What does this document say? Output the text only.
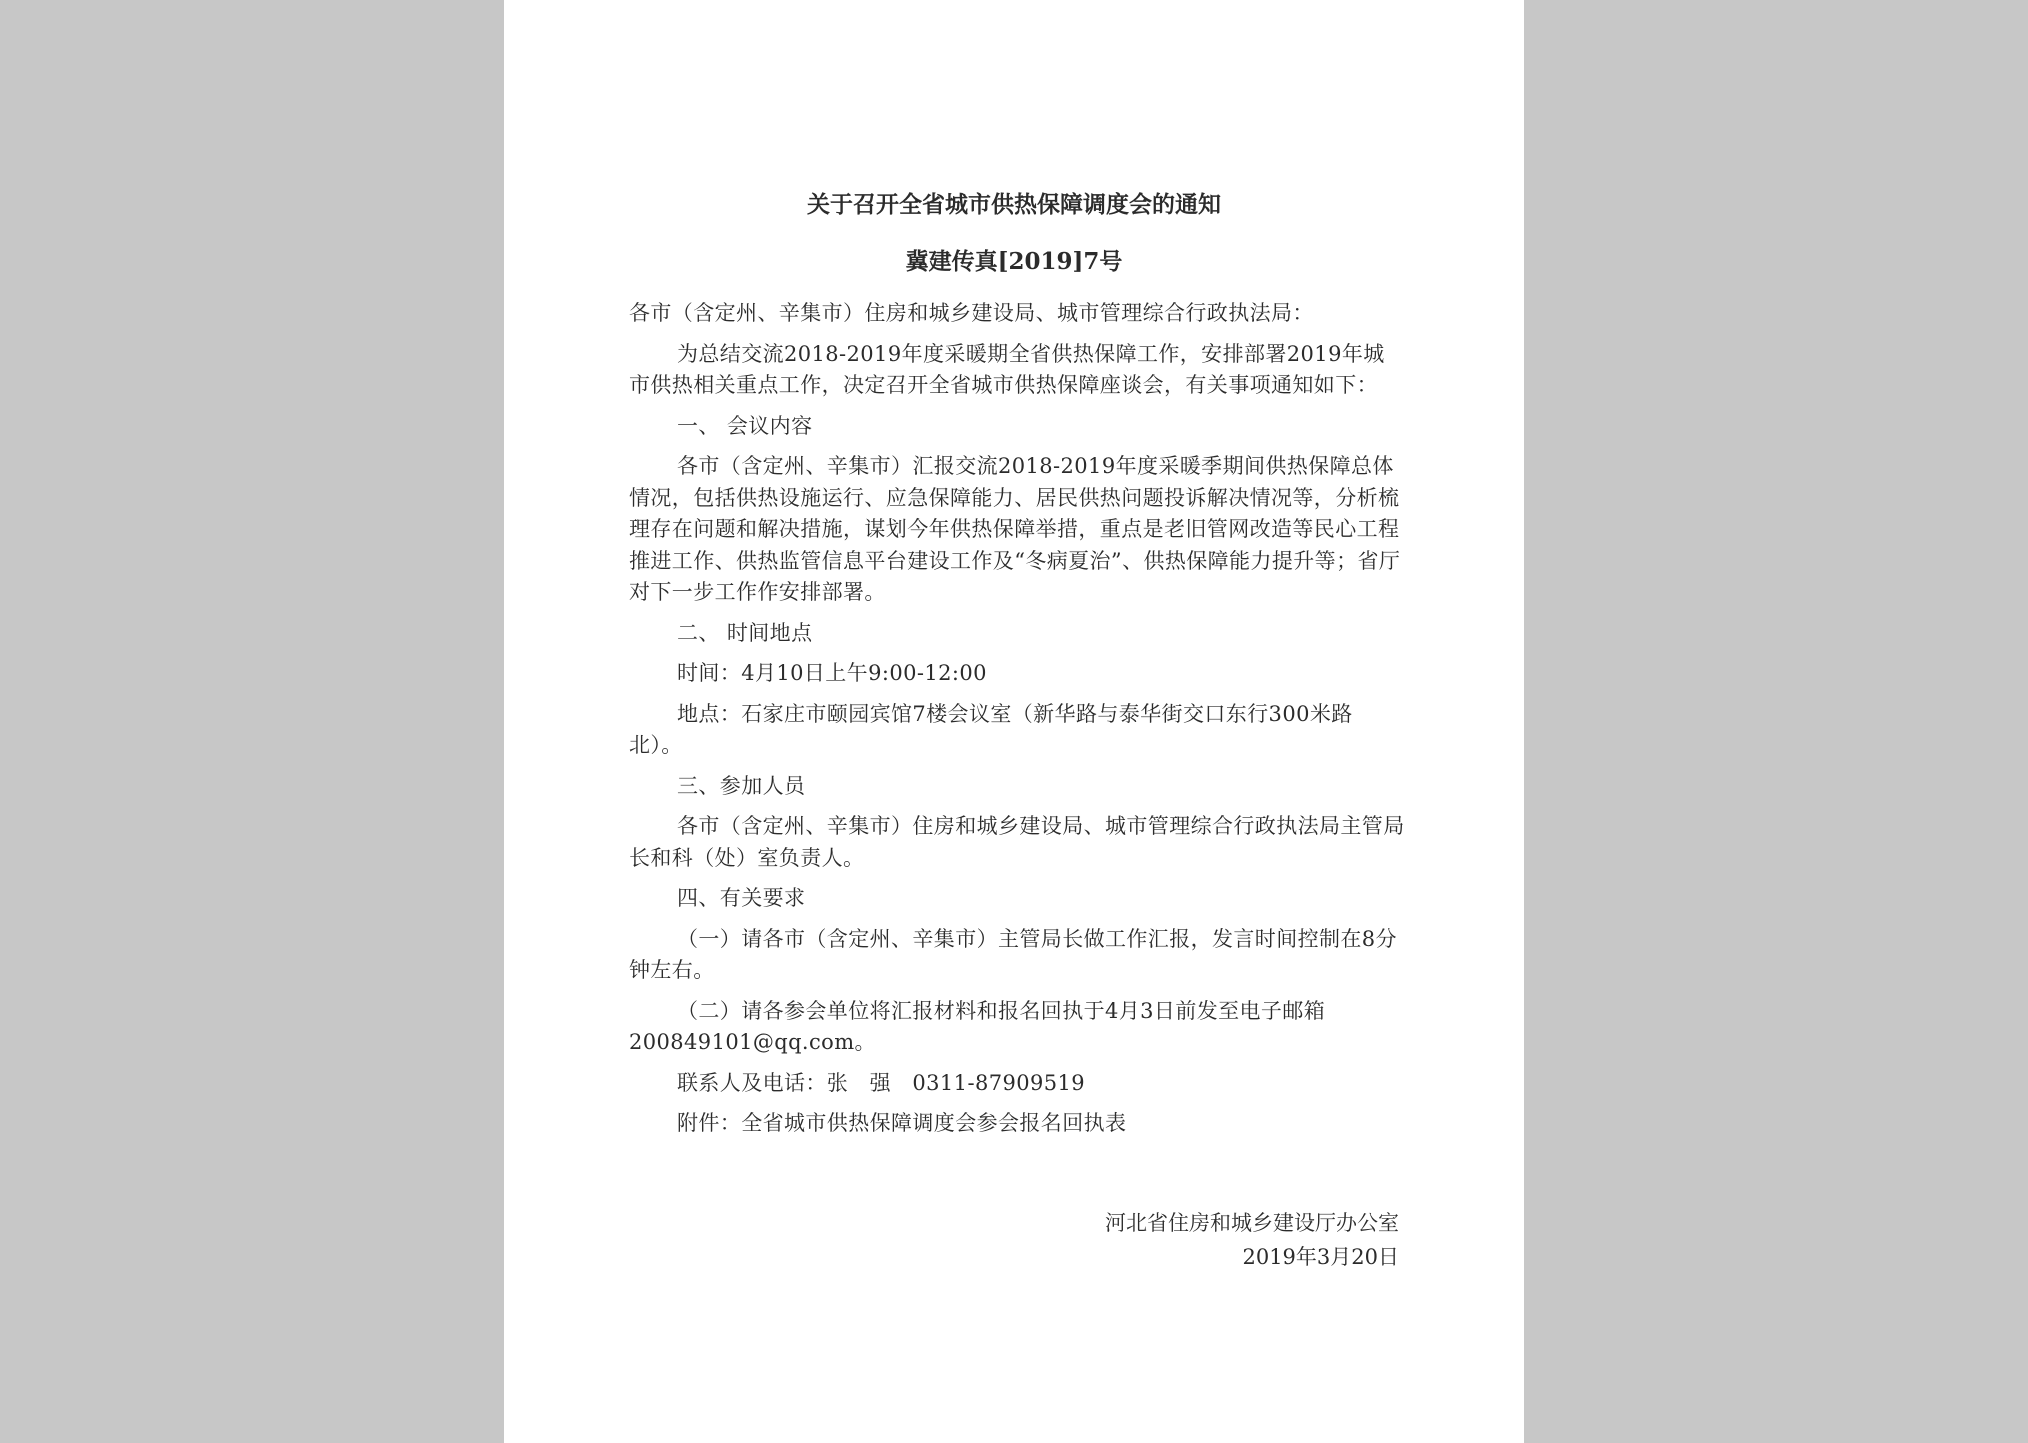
关于召开全省城市供热保障调度会的通知
冀建传真[2019]7号

各市（含定州、辛集市）住房和城乡建设局、城市管理综合行政执法局：

为总结交流2018-2019年度采暖期全省供热保障工作，安排部署2019年城市供热相关重点工作，决定召开全省城市供热保障座谈会，有关事项通知如下：

一、 会议内容

各市（含定州、辛集市）汇报交流2018-2019年度采暖季期间供热保障总体情况，包括供热设施运行、应急保障能力、居民供热问题投诉解决情况等，分析梳理存在问题和解决措施，谋划今年供热保障举措，重点是老旧管网改造等民心工程推进工作、供热监管信息平台建设工作及“冬病夏治”、供热保障能力提升等；省厅对下一步工作作安排部署。

二、 时间地点

时间：4月10日上午9:00-12:00

地点：石家庄市颐园宾馆7楼会议室（新华路与泰华街交口东行300米路北）。

三、参加人员

各市（含定州、辛集市）住房和城乡建设局、城市管理综合行政执法局主管局长和科（处）室负责人。

四、有关要求

（一）请各市（含定州、辛集市）主管局长做工作汇报，发言时间控制在8分钟左右。

（二）请各参会单位将汇报材料和报名回执于4月3日前发至电子邮箱200849101@qq.com。

联系人及电话：张　强　0311-87909519

附件：全省城市供热保障调度会参会报名回执表

河北省住房和城乡建设厅办公室
2019年3月20日
